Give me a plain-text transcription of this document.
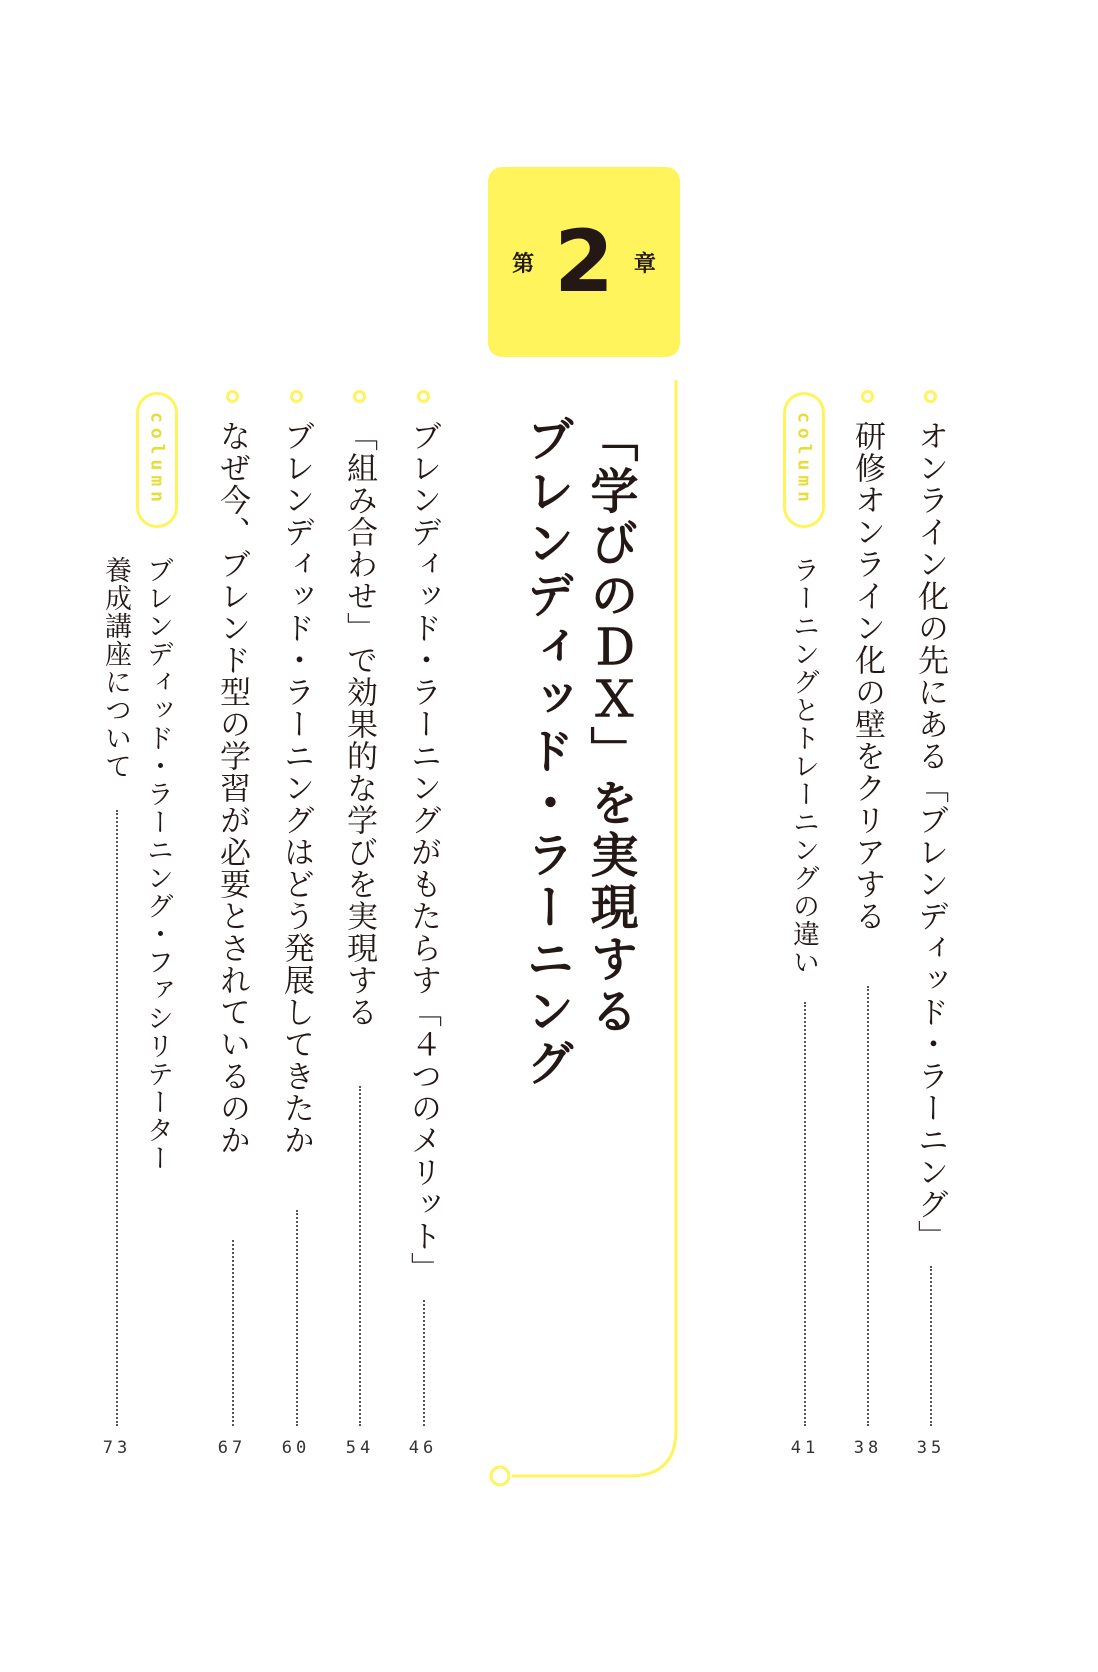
第 2 章
「学びのＤＸ」を実現する
ブレンディッド・ラーニング	オンライン化の先にある「ブレンディッド・ラーニング」
35
研修オンライン化の壁をクリアする
38
column
ラーニングとトレーニングの違い
41
ブレンディッド・ラーニングがもたらす「４つのメリット」
46
「組み合わせ」で効果的な学びを実現する
54
ブレンディッド・ラーニングはどう発展してきたか
60
なぜ今、ブレンド型の学習が必要とされているのか
67
column
ブレンディッド・ラーニング・ファシリテーター
養成講座について
73
